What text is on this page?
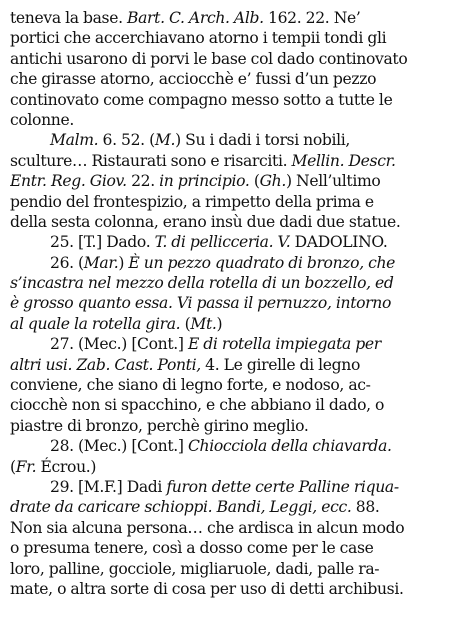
teneva la base. Bart. C. Arch. Alb. 162. 22. Ne’
portici che accerchiavano atorno i tempii tondi gli
antichi usarono di porvi le base col dado continovato
che girasse atorno, acciocchè e’ fussi d’un pezzo
continovato come compagno messo sotto a tutte le
colonne.
Malm. 6. 52. (M.) Su i dadi i torsi nobili,
sculture… Ristaurati sono e risarciti. Mellin. Descr.
Entr. Reg. Giov. 22. in principio. (Gh.) Nell’ultimo
pendio del frontespizio, a rimpetto della prima e
della sesta colonna, erano insù due dadi due statue.
25. [T.] Dado. T. di pellicceria. V. DADOLINO.
26. (Mar.) È un pezzo quadrato di bronzo, che
s’incastra nel mezzo della rotella di un bozzello, ed
è grosso quanto essa. Vi passa il pernuzzo, intorno
al quale la rotella gira. (Mt.)
27. (Mec.) [Cont.] E di rotella impiegata per
altri usi. Zab. Cast. Ponti, 4. Le girelle di legno
conviene, che siano di legno forte, e nodoso, ac-
ciocchè non si spacchino, e che abbiano il dado, o
piastre di bronzo, perchè girino meglio.
28. (Mec.) [Cont.] Chiocciola della chiavarda.
(Fr. Écrou.)
29. [M.F.] Dadi furon dette certe Palline riqua-
drate da caricare schioppi. Bandi, Leggi, ecc. 88.
Non sia alcuna persona… che ardisca in alcun modo
o presuma tenere, così a dosso come per le case
loro, palline, gocciole, migliaruole, dadi, palle ra-
mate, o altra sorte di cosa per uso di detti archibusi.
